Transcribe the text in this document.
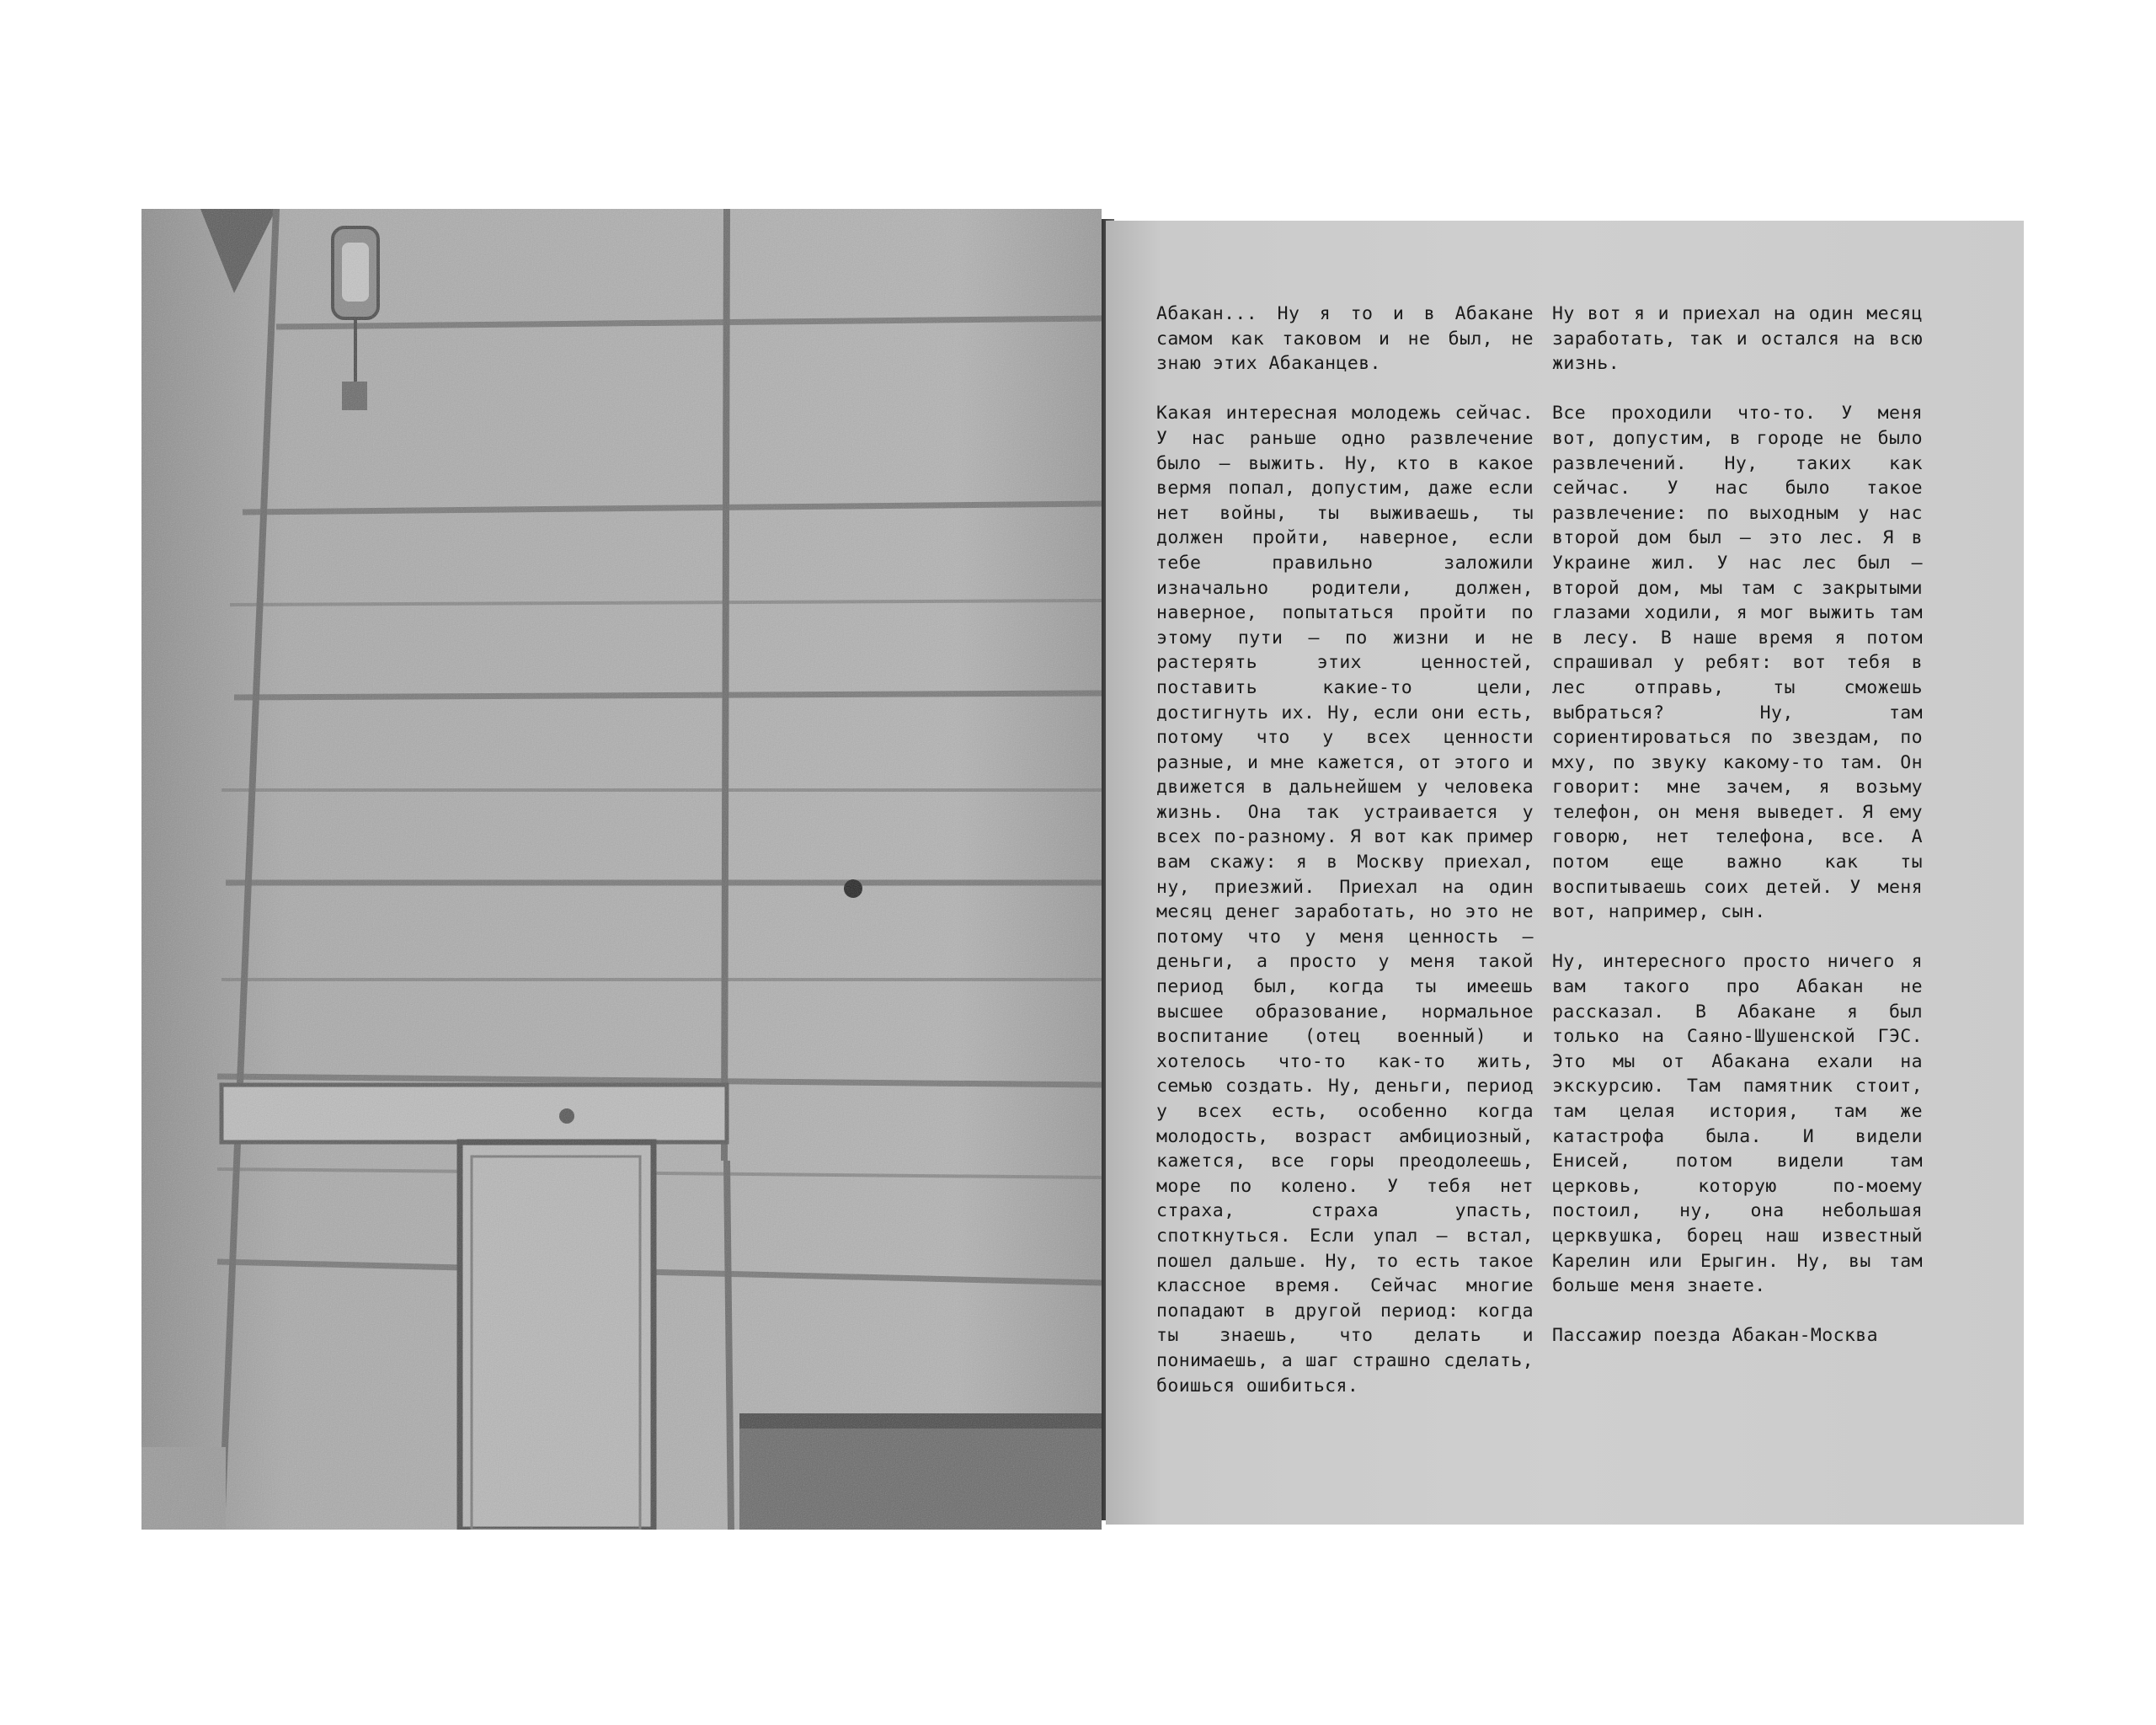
Абакан... Ну я то и в Абакане самом как таковом и не был, не знаю этих Абаканцев.

Какая интересная молодежь сейчас. У нас раньше одно развлечение было — выжить. Ну, кто в какое вермя попал, допустим, даже если нет войны, ты выживаешь, ты должен пройти, наверное, если тебе правильно заложили изначально родители, должен, наверное, попытаться пройти по этому пути — по жизни и не растерять этих ценностей, поставить какие-то цели, достигнуть их. Ну, если они есть, потому что у всех ценности разные, и мне кажется, от этого и движется в дальнейшем у человека жизнь. Она так устраивается у всех по-разному. Я вот как пример вам скажу: я в Москву приехал, ну, приезжий. Приехал на один месяц денег заработать, но это не потому что у меня ценность — деньги, а просто у меня такой период был, когда ты имеешь высшее образование, нормальное воспитание (отец военный) и хотелось что-то как-то жить, семью создать. Ну, деньги, период у всех есть, особенно когда молодость, возраст амбициозный, кажется, все горы преодолеешь, море по колено. У тебя нет страха, страха упасть, споткнуться. Если упал — встал, пошел дальше. Ну, то есть такое классное время. Сейчас многие попадают в другой период: когда ты знаешь, что делать и понимаешь, а шаг страшно сделать, боишься ошибиться.

Ну вот я и приехал на один месяц заработать, так и остался на всю жизнь.

Все проходили что-то. У меня вот, допустим, в городе не было развлечений. Ну, таких как сейчас. У нас было такое развлечение: по выходным у нас второй дом был — это лес. Я в Украине жил. У нас лес был — второй дом, мы там с закрытыми глазами ходили, я мог выжить там в лесу. В наше время я потом спрашивал у ребят: вот тебя в лес отправь, ты сможешь выбраться? Ну, там сориентироваться по звездам, по мху, по звуку какому-то там. Он говорит: мне зачем, я возьму телефон, он меня выведет. Я ему говорю, нет телефона, все. А потом еще важно как ты воспитываешь соих детей. У меня вот, например, сын.

Ну, интересного просто ничего я вам такого про Абакан не рассказал. В Абакане я был только на Саяно-Шушенской ГЭС. Это мы от Абакана ехали на экскурсию. Там памятник стоит, там целая история, там же катастрофа была. И видели Енисей, потом видели там церковь, которую по-моему постоил, ну, она небольшая церквушка, борец наш известный Карелин или Ерыгин. Ну, вы там больше меня знаете.

Пассажир поезда Абакан-Москва
